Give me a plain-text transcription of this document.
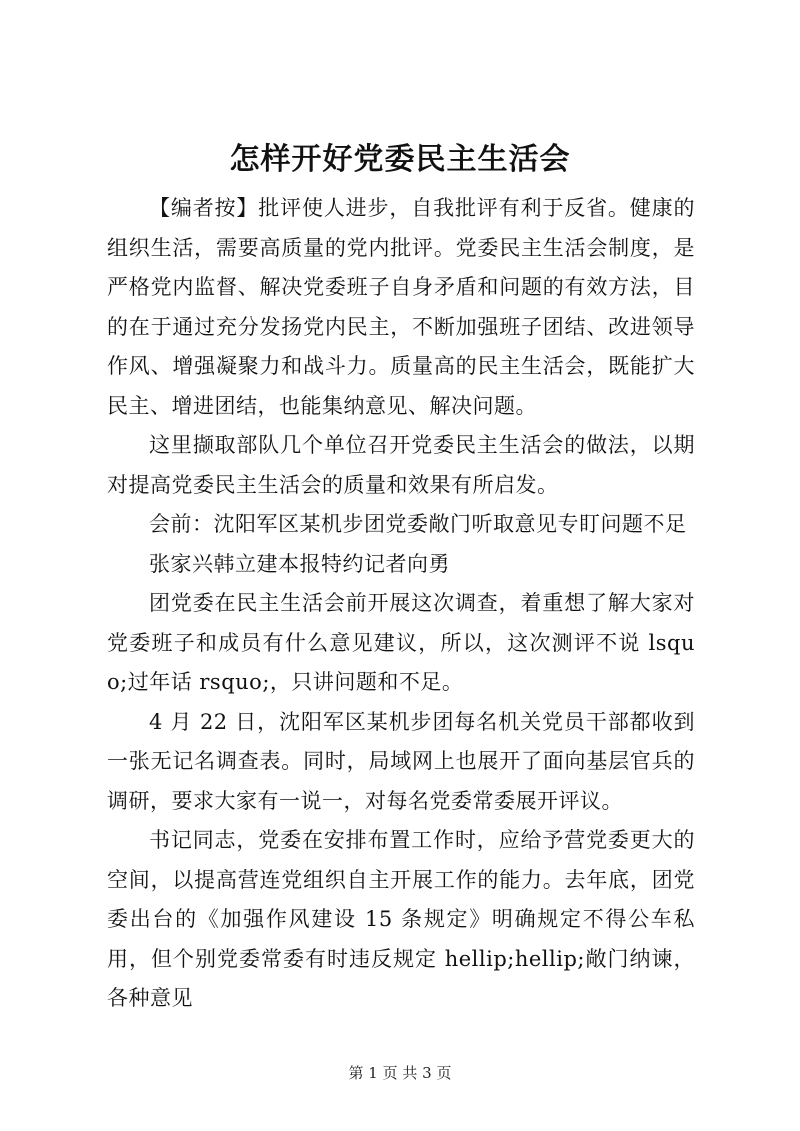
怎样开好党委民主生活会

【编者按】批评使人进步，自我批评有利于反省。健康的组织生活，需要高质量的党内批评。党委民主生活会制度，是严格党内监督、解决党委班子自身矛盾和问题的有效方法，目的在于通过充分发扬党内民主，不断加强班子团结、改进领导作风、增强凝聚力和战斗力。质量高的民主生活会，既能扩大民主、增进团结，也能集纳意见、解决问题。

这里撷取部队几个单位召开党委民主生活会的做法，以期对提高党委民主生活会的质量和效果有所启发。

会前：沈阳军区某机步团党委敞门听取意见专盯问题不足

张家兴韩立建本报特约记者向勇

团党委在民主生活会前开展这次调查，着重想了解大家对党委班子和成员有什么意见建议，所以，这次测评不说 lsquo;过年话 rsquo;，只讲问题和不足。

4 月 22 日，沈阳军区某机步团每名机关党员干部都收到一张无记名调查表。同时，局域网上也展开了面向基层官兵的调研，要求大家有一说一，对每名党委常委展开评议。

书记同志，党委在安排布置工作时，应给予营党委更大的空间，以提高营连党组织自主开展工作的能力。去年底，团党委出台的《加强作风建设 15 条规定》明确规定不得公车私用，但个别党委常委有时违反规定 hellip;hellip;敞门纳谏，各种意见

第 1 页 共 3 页
